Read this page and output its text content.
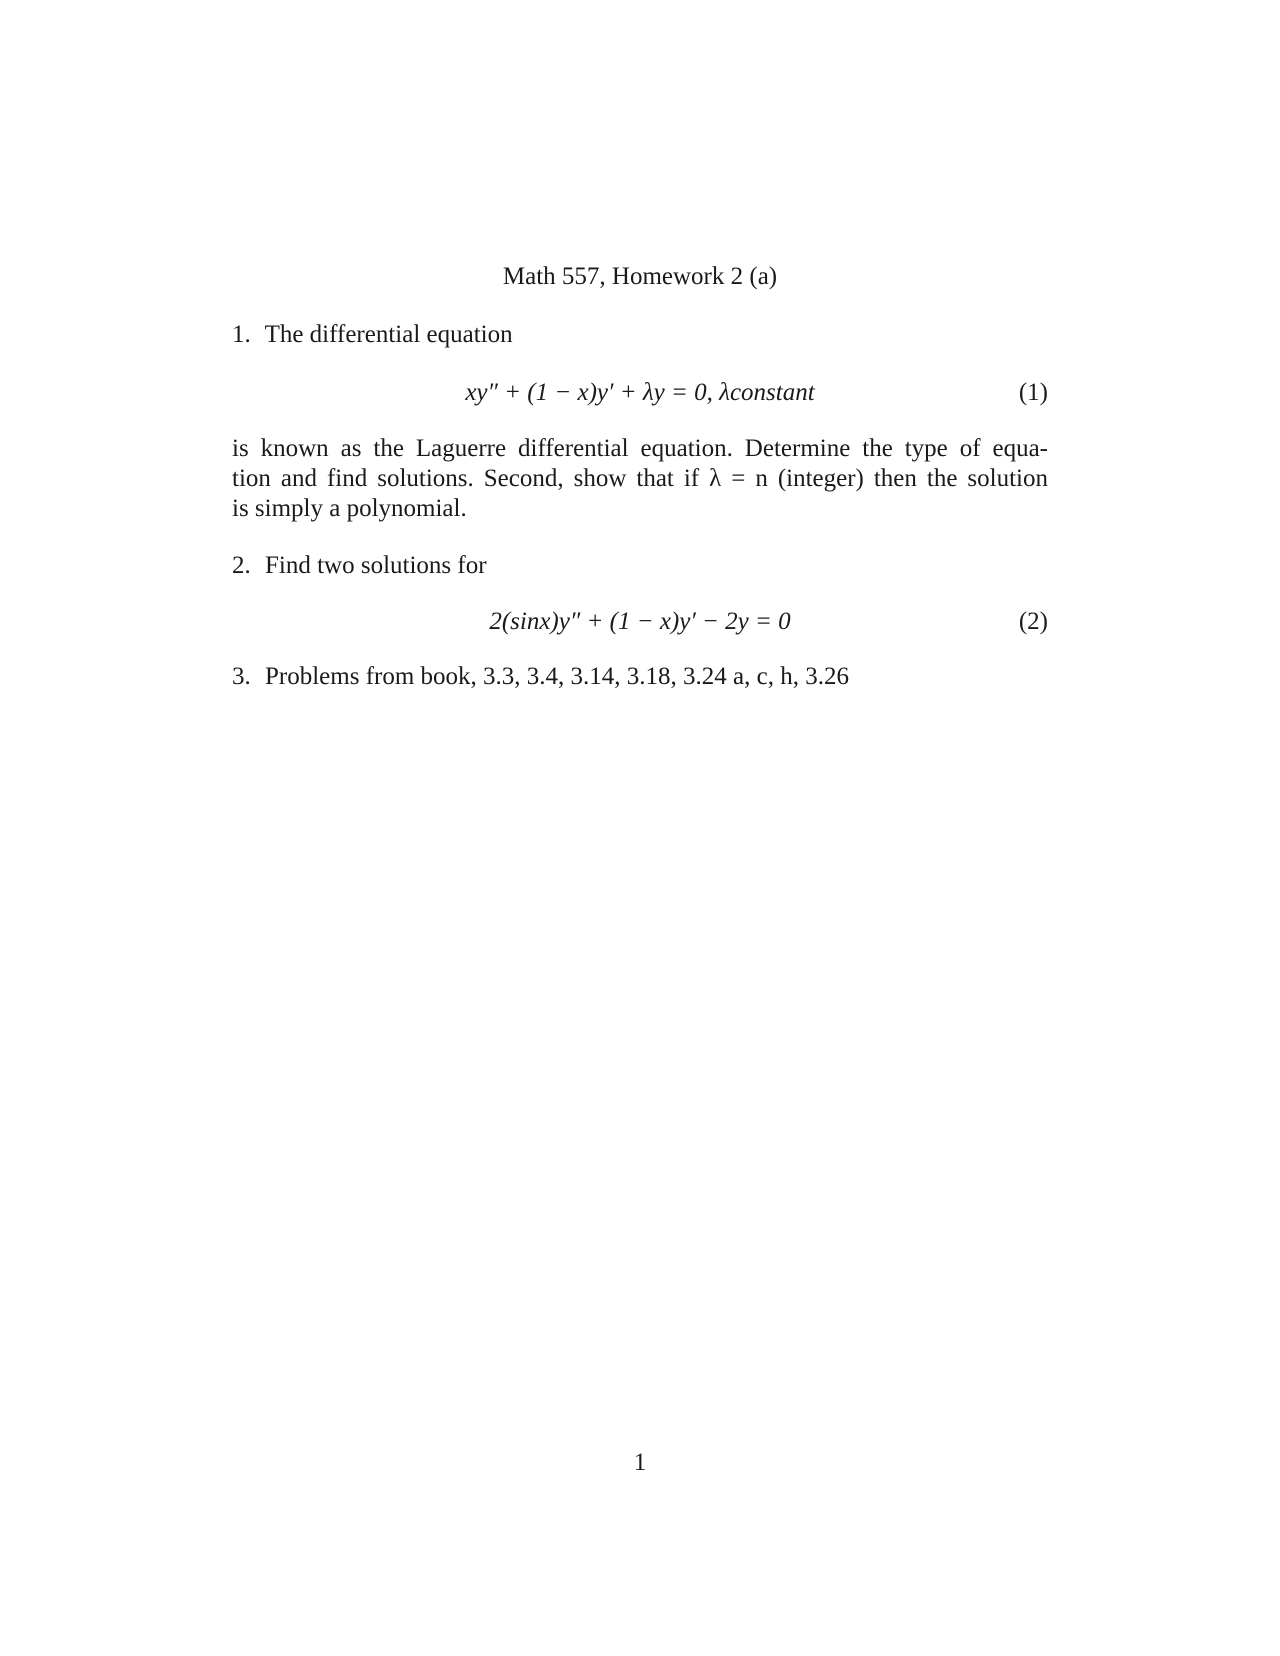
Math 557, Homework 2 (a)
1. The differential equation
xy″ + (1 − x)y′ + λy = 0, λconstant	(1)
is known as the Laguerre differential equation. Determine the type of equa-
tion and find solutions. Second, show that if λ = n (integer) then the solution
is simply a polynomial.
2. Find two solutions for
2(sinx)y″ + (1 − x)y′ − 2y = 0	(2)
3. Problems from book, 3.3, 3.4, 3.14, 3.18, 3.24 a, c, h, 3.26
1
